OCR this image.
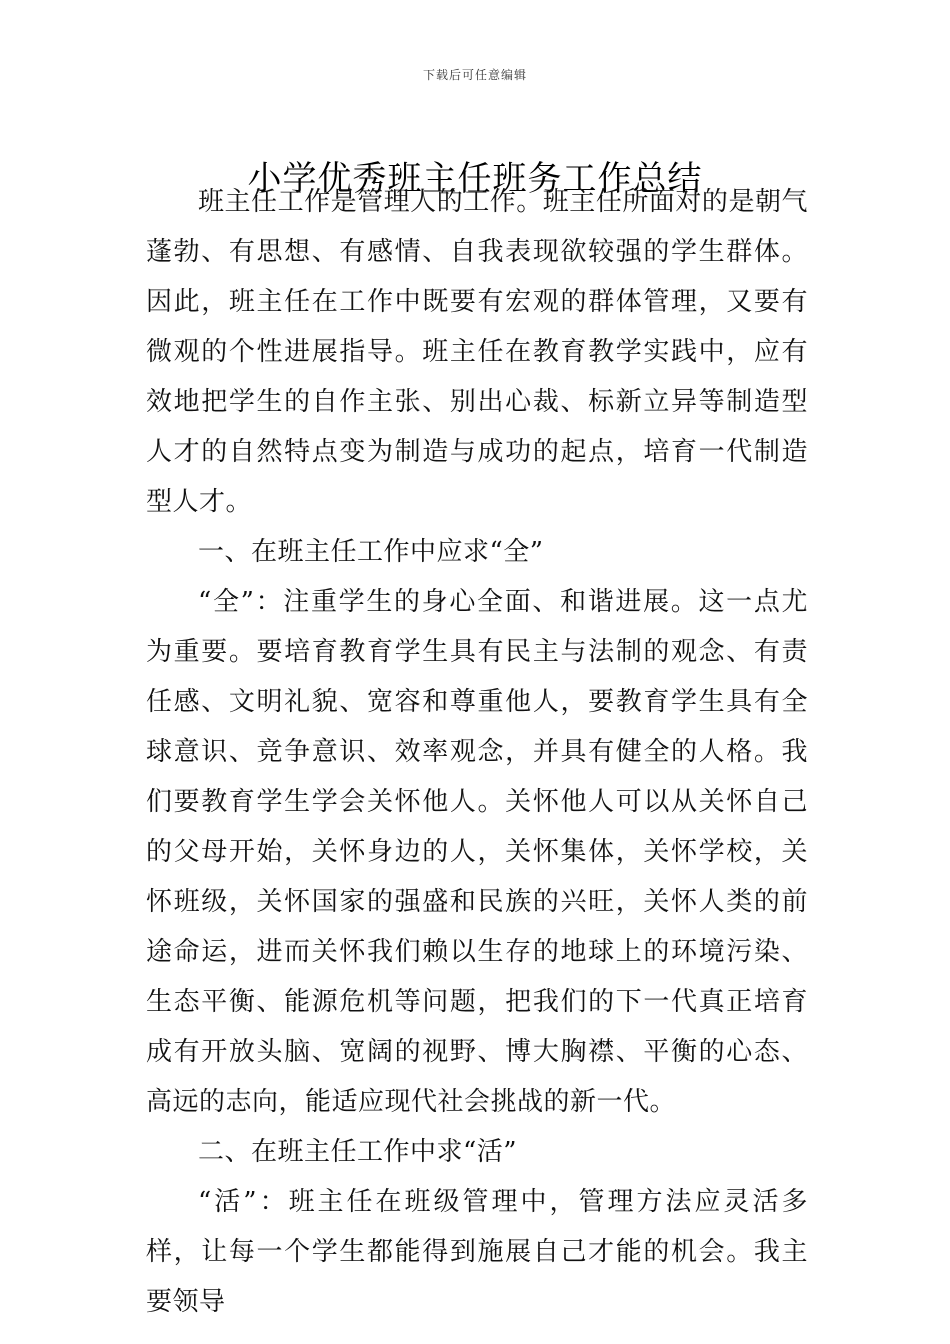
下载后可任意编辑
小学优秀班主任班务工作总结

班主任工作是管理人的工作。班主任所面对的是朝气蓬勃、有思想、有感情、自我表现欲较强的学生群体。因此，班主任在工作中既要有宏观的群体管理，又要有微观的个性进展指导。班主任在教育教学实践中，应有效地把学生的自作主张、别出心裁、标新立异等制造型人才的自然特点变为制造与成功的起点，培育一代制造型人才。

一、在班主任工作中应求“全”

“全”：注重学生的身心全面、和谐进展。这一点尤为重要。要培育教育学生具有民主与法制的观念、有责任感、文明礼貌、宽容和尊重他人，要教育学生具有全球意识、竞争意识、效率观念，并具有健全的人格。我们要教育学生学会关怀他人。关怀他人可以从关怀自己的父母开始，关怀身边的人，关怀集体，关怀学校，关怀班级，关怀国家的强盛和民族的兴旺，关怀人类的前途命运，进而关怀我们赖以生存的地球上的环境污染、生态平衡、能源危机等问题，把我们的下一代真正培育成有开放头脑、宽阔的视野、博大胸襟、平衡的心态、高远的志向，能适应现代社会挑战的新一代。

二、在班主任工作中求“活”

“活”：班主任在班级管理中，管理方法应灵活多样，让每一个学生都能得到施展自己才能的机会。我主要领导
